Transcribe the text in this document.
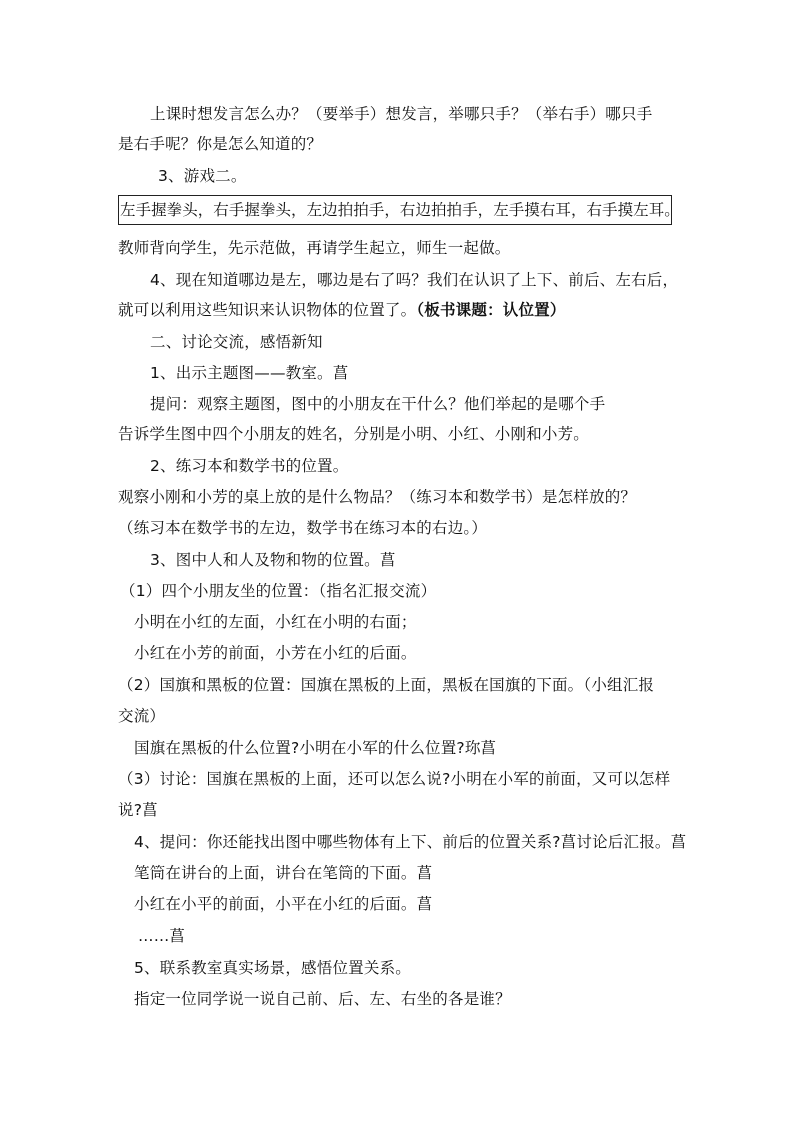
上课时想发言怎么办？（要举手）想发言，举哪只手？（举右手）哪只手
是右手呢？你是怎么知道的？
3、游戏二。
左手握拳头，右手握拳头，左边拍拍手，右边拍拍手，左手摸右耳，右手摸左耳。
教师背向学生，先示范做，再请学生起立，师生一起做。
4、现在知道哪边是左，哪边是右了吗？我们在认识了上下、前后、左右后，
就可以利用这些知识来认识物体的位置了。（板书课题：认位置）
二、讨论交流，感悟新知
1、出示主题图——教室。菖
提问：观察主题图，图中的小朋友在干什么？他们举起的是哪个手
告诉学生图中四个小朋友的姓名，分别是小明、小红、小刚和小芳。
2、练习本和数学书的位置。
观察小刚和小芳的桌上放的是什么物品？（练习本和数学书）是怎样放的？
（练习本在数学书的左边，数学书在练习本的右边。）
3、图中人和人及物和物的位置。菖
（1）四个小朋友坐的位置：（指名汇报交流）
小明在小红的左面，小红在小明的右面；
小红在小芳的前面，小芳在小红的后面。
（2）国旗和黑板的位置：国旗在黑板的上面，黑板在国旗的下面。（小组汇报
交流）
国旗在黑板的什么位置?小明在小军的什么位置?珎菖
（3）讨论：国旗在黑板的上面，还可以怎么说?小明在小军的前面，又可以怎样
说?菖
4、提问：你还能找出图中哪些物体有上下、前后的位置关系?菖讨论后汇报。菖
笔筒在讲台的上面，讲台在笔筒的下面。菖
小红在小平的前面，小平在小红的后面。菖
……菖
5、联系教室真实场景，感悟位置关系。
指定一位同学说一说自己前、后、左、右坐的各是谁？
